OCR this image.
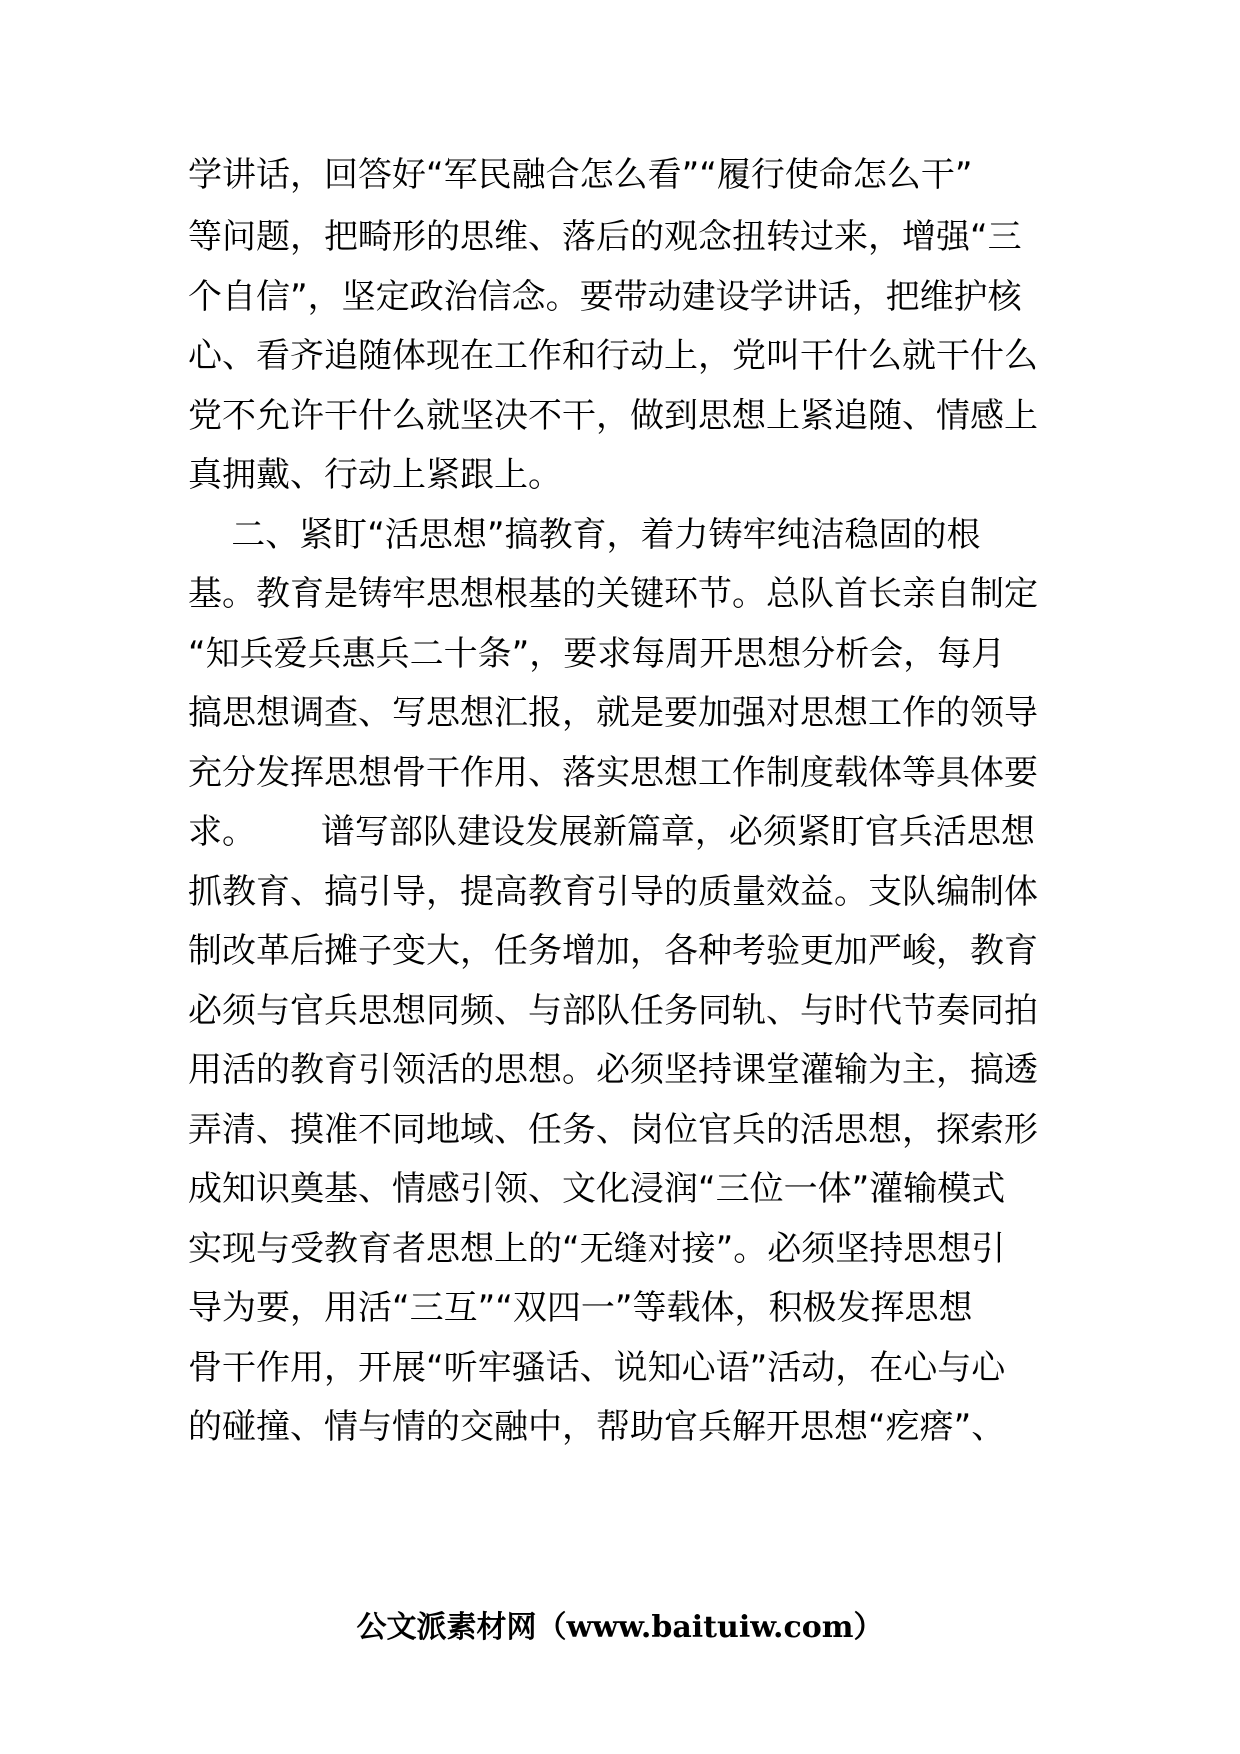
学讲话，回答好“军民融合怎么看”“履行使命怎么干”
等问题，把畸形的思维、落后的观念扭转过来，增强“三
个自信”，坚定政治信念。要带动建设学讲话，把维护核
心、看齐追随体现在工作和行动上，党叫干什么就干什么
党不允许干什么就坚决不干，做到思想上紧追随、情感上
真拥戴、行动上紧跟上。
二、紧盯“活思想”搞教育，着力铸牢纯洁稳固的根
基。教育是铸牢思想根基的关键环节。总队首长亲自制定
“知兵爱兵惠兵二十条”，要求每周开思想分析会，每月
搞思想调查、写思想汇报，就是要加强对思想工作的领导
充分发挥思想骨干作用、落实思想工作制度载体等具体要
求。      谱写部队建设发展新篇章，必须紧盯官兵活思想
抓教育、搞引导，提高教育引导的质量效益。支队编制体
制改革后摊子变大，任务增加，各种考验更加严峻，教育
必须与官兵思想同频、与部队任务同轨、与时代节奏同拍
用活的教育引领活的思想。必须坚持课堂灌输为主，搞透
弄清、摸准不同地域、任务、岗位官兵的活思想，探索形
成知识奠基、情感引领、文化浸润“三位一体”灌输模式
实现与受教育者思想上的“无缝对接”。必须坚持思想引
导为要，用活“三互”“双四一”等载体，积极发挥思想
骨干作用，开展“听牢骚话、说知心语”活动，在心与心
的碰撞、情与情的交融中，帮助官兵解开思想“疙瘩”、
公文派素材网（www.baituiw.com）
